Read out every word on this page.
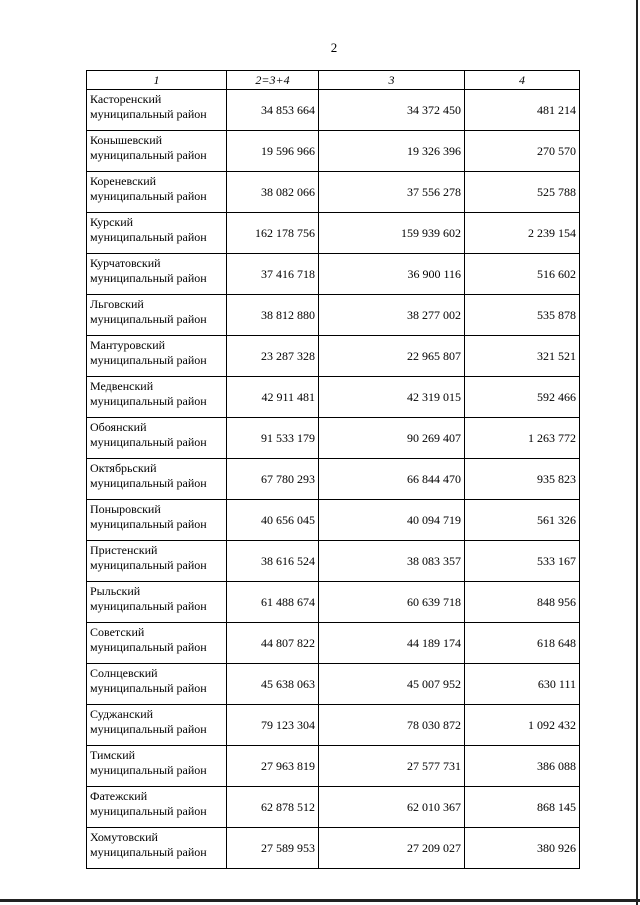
2
1	2=3+4	3	4

Касторенский
муниципальный район	34 853 664	34 372 450	481 214

Конышевский
муниципальный район	19 596 966	19 326 396	270 570

Кореневский
муниципальный район	38 082 066	37 556 278	525 788

Курский
муниципальный район	162 178 756	159 939 602	2 239 154

Курчатовский
муниципальный район	37 416 718	36 900 116	516 602

Льговский
муниципальный район	38 812 880	38 277 002	535 878

Мантуровский
муниципальный район	23 287 328	22 965 807	321 521

Медвенский
муниципальный район	42 911 481	42 319 015	592 466

Обоянский
муниципальный район	91 533 179	90 269 407	1 263 772

Октябрьский
муниципальный район	67 780 293	66 844 470	935 823

Поныровский
муниципальный район	40 656 045	40 094 719	561 326

Пристенский
муниципальный район	38 616 524	38 083 357	533 167

Рыльский
муниципальный район	61 488 674	60 639 718	848 956

Советский
муниципальный район	44 807 822	44 189 174	618 648

Солнцевский
муниципальный район	45 638 063	45 007 952	630 111

Суджанский
муниципальный район	79 123 304	78 030 872	1 092 432

Тимский
муниципальный район	27 963 819	27 577 731	386 088

Фатежский
муниципальный район	62 878 512	62 010 367	868 145

Хомутовский
муниципальный район	27 589 953	27 209 027	380 926
